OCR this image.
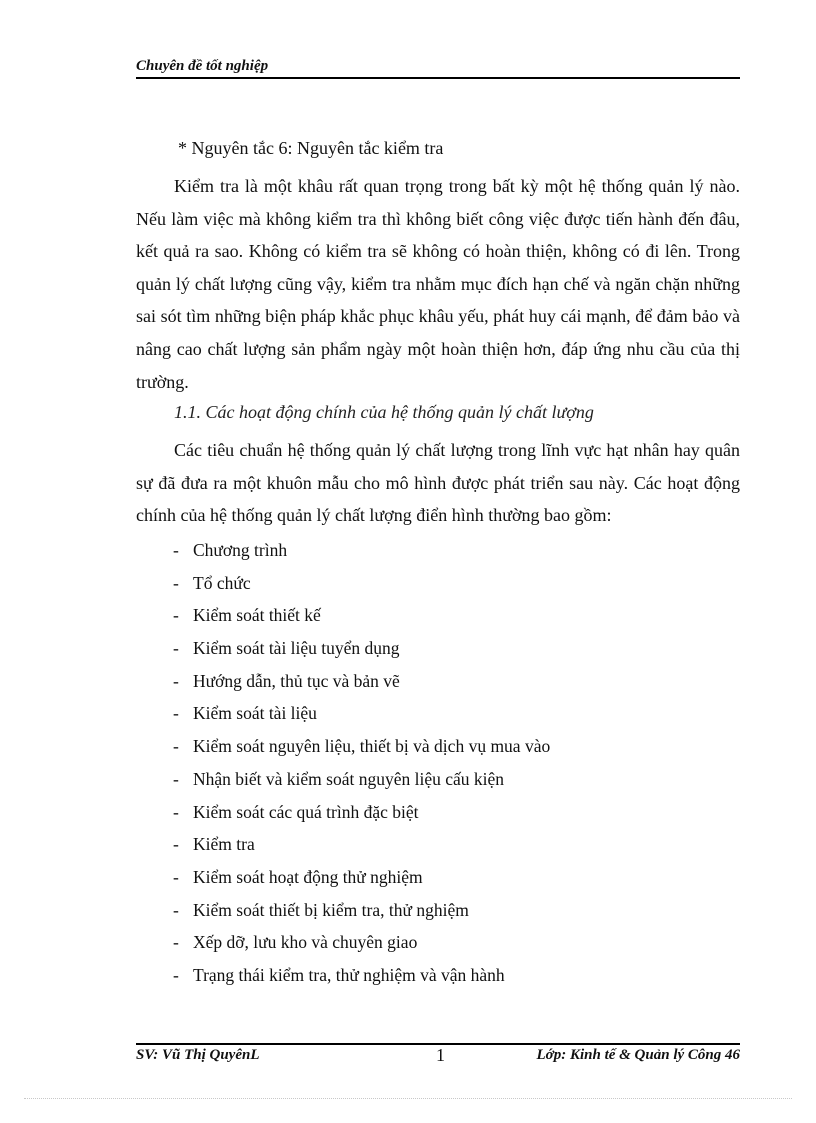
Chuyên đề tốt nghiệp
* Nguyên tắc 6: Nguyên tắc kiểm tra

Kiểm tra là một khâu rất quan trọng trong bất kỳ một hệ thống quản lý nào. Nếu làm việc mà không kiểm tra thì không biết công việc được tiến hành đến đâu, kết quả ra sao. Không có kiểm tra sẽ không có hoàn thiện, không có đi lên. Trong quản lý chất lượng cũng vậy, kiểm tra nhằm mục đích hạn chế và ngăn chặn những sai sót tìm những biện pháp khắc phục khâu yếu, phát huy cái mạnh, để đảm bảo và nâng cao chất lượng sản phẩm ngày một hoàn thiện hơn, đáp ứng nhu cầu của thị trường.

1.1. Các hoạt động chính của hệ thống quản lý chất lượng

Các tiêu chuẩn hệ thống quản lý chất lượng trong lĩnh vực hạt nhân hay quân sự đã đưa ra một khuôn mẫu cho mô hình được phát triển sau này. Các hoạt động chính của hệ thống quản lý chất lượng điển hình thường bao gồm:

- Chương trình
- Tổ chức
- Kiểm soát thiết kế
- Kiểm soát tài liệu tuyển dụng
- Hướng dẫn, thủ tục và bản vẽ
- Kiểm soát tài liệu
- Kiểm soát nguyên liệu, thiết bị và dịch vụ mua vào
- Nhận biết và kiểm soát nguyên liệu cấu kiện
- Kiểm soát các quá trình đặc biệt
- Kiểm tra
- Kiểm soát hoạt động thử nghiệm
- Kiểm soát thiết bị kiểm tra, thử nghiệm
- Xếp dỡ, lưu kho và chuyên giao
- Trạng thái kiểm tra, thử nghiệm và vận hành
SV: Vũ Thị QuyênL	1	Lớp: Kinh tế & Quản lý Công 46
